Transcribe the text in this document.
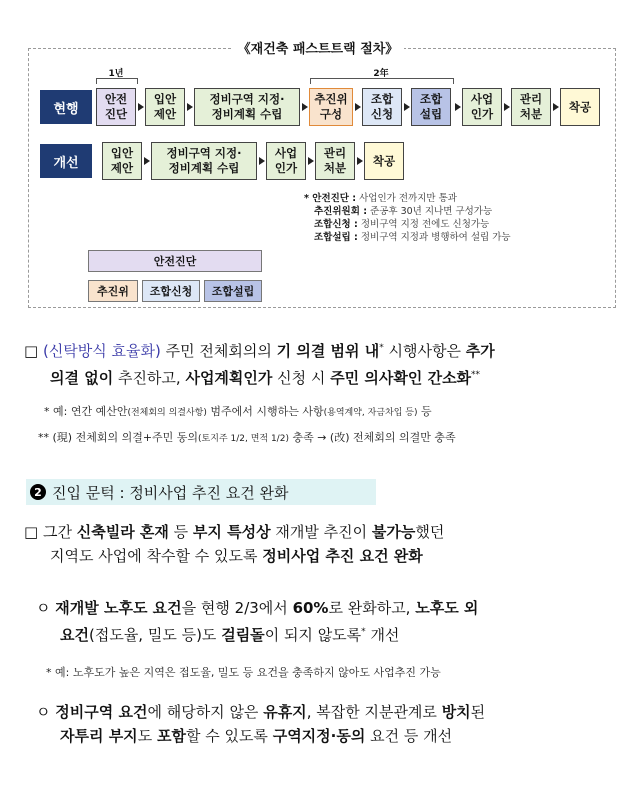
《재건축 패스트트랙 절차》
1년	2年
현행
안전
진단
입안
제안
정비구역 지정·
정비계획 수립
추진위
구성
조합
신청
조합
설립
사업
인가
관리
처분
착공
개선
입안
제안
정비구역 지정·
정비계획 수립
사업
인가
관리
처분
착공
* 안전진단 : 사업인가 전까지만 통과
추진위원회 : 준공후 30년 지나면 구성가능
조합신청 : 정비구역 지정 전에도 신청가능
조합설립 : 정비구역 지정과 병행하여 설립 가능
안전진단
추진위	조합신청	조합설립
□ (신탁방식 효율화) 주민 전체회의의 기 의결 범위 내* 시행사항은 추가
의결 없이 추진하고, 사업계획인가 신청 시 주민 의사확인 간소화**
* 예: 연간 예산안(전체회의 의결사항) 범주에서 시행하는 사항(용역계약, 자금차입 등) 등
** (現) 전체회의 의결+주민 동의(토지주 1/2, 면적 1/2) 충족 → (改) 전체회의 의결만 충족
2 진입 문턱 : 정비사업 추진 요건 완화
□ 그간 신축빌라 혼재 등 부지 특성상 재개발 추진이 불가능했던
지역도 사업에 착수할 수 있도록 정비사업 추진 요건 완화
ㅇ 재개발 노후도 요건을 현행 2/3에서 60%로 완화하고, 노후도 외
요건(접도율, 밀도 등)도 걸림돌이 되지 않도록* 개선
* 예: 노후도가 높은 지역은 접도율, 밀도 등 요건을 충족하지 않아도 사업추진 가능
ㅇ 정비구역 요건에 해당하지 않은 유휴지, 복잡한 지분관계로 방치된
자투리 부지도 포함할 수 있도록 구역지정·동의 요건 등 개선
